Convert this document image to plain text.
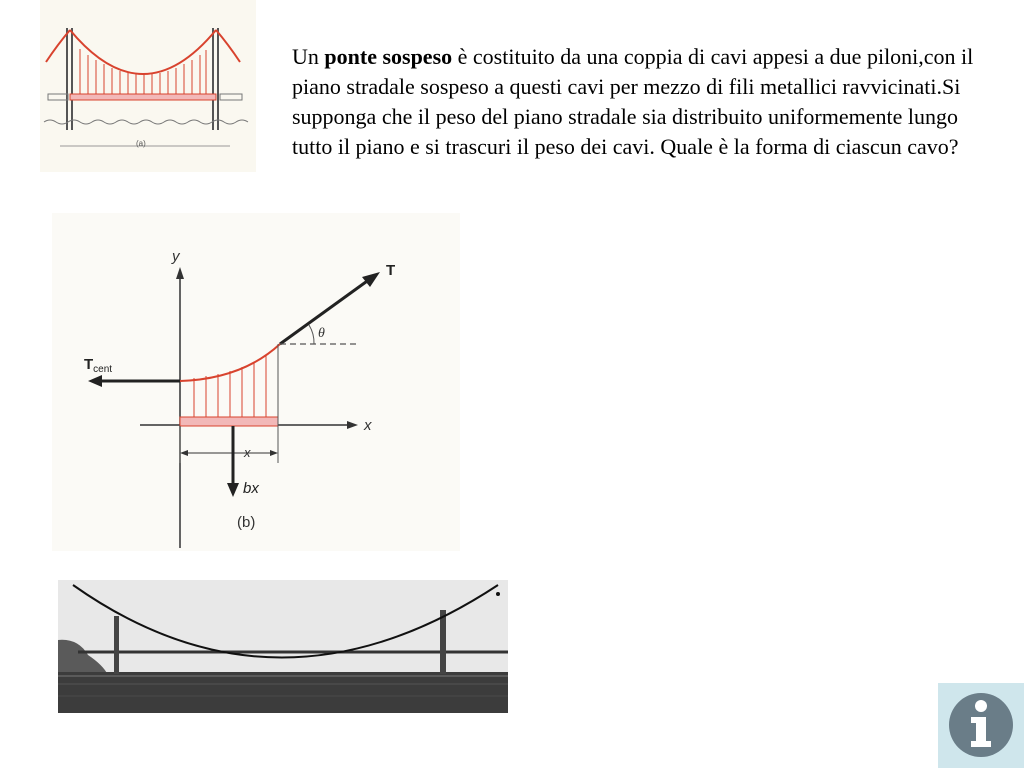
Un ponte sospeso è costituito da una coppia di cavi appesi a due piloni,con il piano stradale sospeso a questi cavi per mezzo di fili metallici ravvicinati.Si supponga che il peso del piano stradale sia distribuito uniformemente lungo tutto il piano e si trascuri il peso dei cavi. Quale è la forma di ciascun cavo?
(a)
y
x
T
θ
$T_{cent}$
x
bx
(b)
